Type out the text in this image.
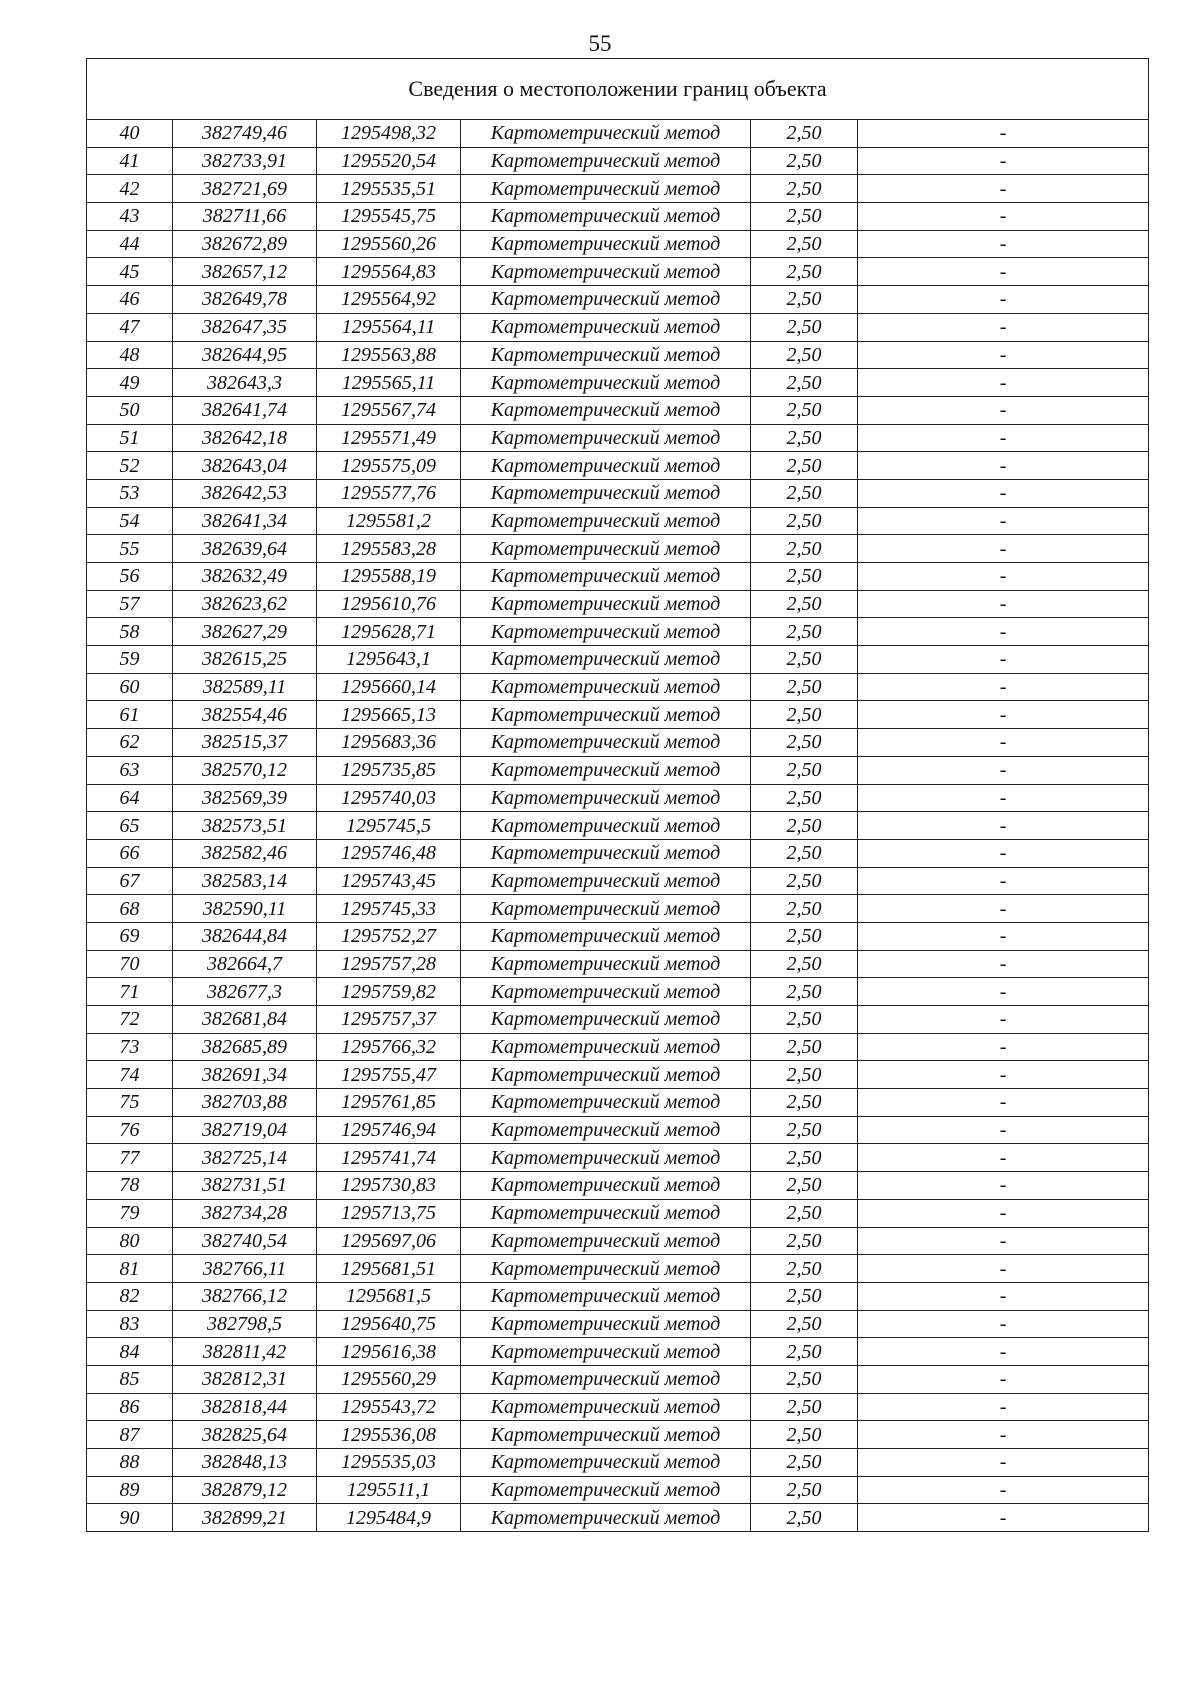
55
Сведения о местоположении границ объекта					
40	382749,46	1295498,32	Картометрический метод	2,50	-
41	382733,91	1295520,54	Картометрический метод	2,50	-
42	382721,69	1295535,51	Картометрический метод	2,50	-
43	382711,66	1295545,75	Картометрический метод	2,50	-
44	382672,89	1295560,26	Картометрический метод	2,50	-
45	382657,12	1295564,83	Картометрический метод	2,50	-
46	382649,78	1295564,92	Картометрический метод	2,50	-
47	382647,35	1295564,11	Картометрический метод	2,50	-
48	382644,95	1295563,88	Картометрический метод	2,50	-
49	382643,3	1295565,11	Картометрический метод	2,50	-
50	382641,74	1295567,74	Картометрический метод	2,50	-
51	382642,18	1295571,49	Картометрический метод	2,50	-
52	382643,04	1295575,09	Картометрический метод	2,50	-
53	382642,53	1295577,76	Картометрический метод	2,50	-
54	382641,34	1295581,2	Картометрический метод	2,50	-
55	382639,64	1295583,28	Картометрический метод	2,50	-
56	382632,49	1295588,19	Картометрический метод	2,50	-
57	382623,62	1295610,76	Картометрический метод	2,50	-
58	382627,29	1295628,71	Картометрический метод	2,50	-
59	382615,25	1295643,1	Картометрический метод	2,50	-
60	382589,11	1295660,14	Картометрический метод	2,50	-
61	382554,46	1295665,13	Картометрический метод	2,50	-
62	382515,37	1295683,36	Картометрический метод	2,50	-
63	382570,12	1295735,85	Картометрический метод	2,50	-
64	382569,39	1295740,03	Картометрический метод	2,50	-
65	382573,51	1295745,5	Картометрический метод	2,50	-
66	382582,46	1295746,48	Картометрический метод	2,50	-
67	382583,14	1295743,45	Картометрический метод	2,50	-
68	382590,11	1295745,33	Картометрический метод	2,50	-
69	382644,84	1295752,27	Картометрический метод	2,50	-
70	382664,7	1295757,28	Картометрический метод	2,50	-
71	382677,3	1295759,82	Картометрический метод	2,50	-
72	382681,84	1295757,37	Картометрический метод	2,50	-
73	382685,89	1295766,32	Картометрический метод	2,50	-
74	382691,34	1295755,47	Картометрический метод	2,50	-
75	382703,88	1295761,85	Картометрический метод	2,50	-
76	382719,04	1295746,94	Картометрический метод	2,50	-
77	382725,14	1295741,74	Картометрический метод	2,50	-
78	382731,51	1295730,83	Картометрический метод	2,50	-
79	382734,28	1295713,75	Картометрический метод	2,50	-
80	382740,54	1295697,06	Картометрический метод	2,50	-
81	382766,11	1295681,51	Картометрический метод	2,50	-
82	382766,12	1295681,5	Картометрический метод	2,50	-
83	382798,5	1295640,75	Картометрический метод	2,50	-
84	382811,42	1295616,38	Картометрический метод	2,50	-
85	382812,31	1295560,29	Картометрический метод	2,50	-
86	382818,44	1295543,72	Картометрический метод	2,50	-
87	382825,64	1295536,08	Картометрический метод	2,50	-
88	382848,13	1295535,03	Картометрический метод	2,50	-
89	382879,12	1295511,1	Картометрический метод	2,50	-
90	382899,21	1295484,9	Картометрический метод	2,50	-
